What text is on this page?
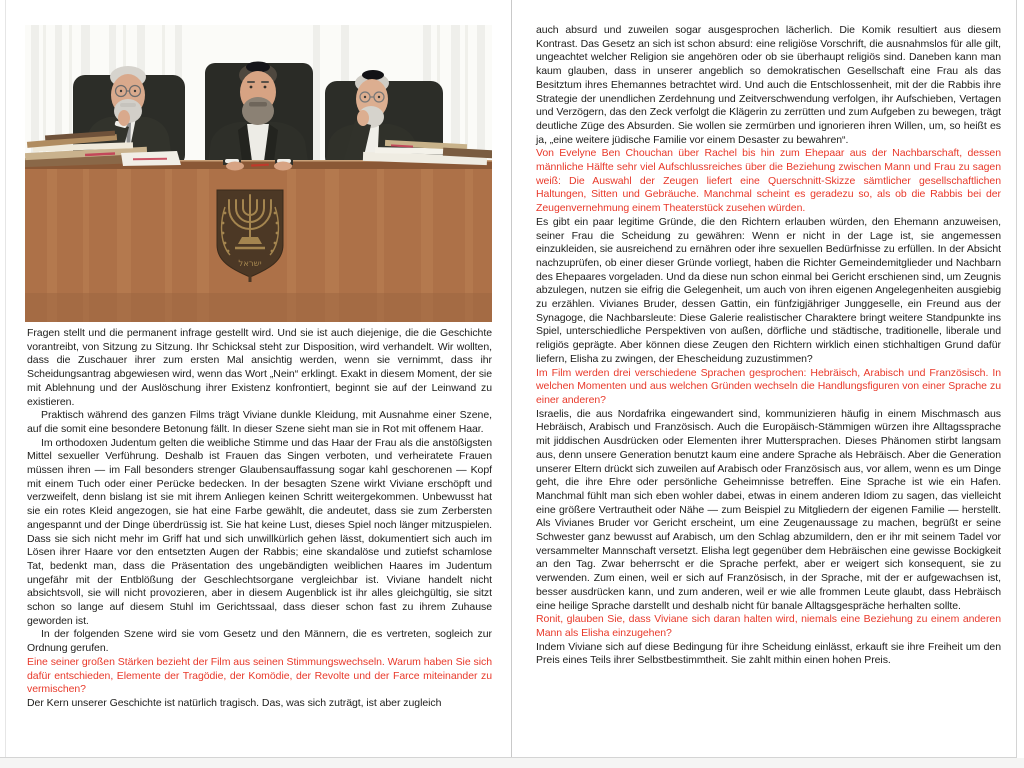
ישראל

Fragen stellt und die permanent infrage gestellt wird. Und sie ist auch diejenige, die die Geschichte vorantreibt, von Sitzung zu Sitzung. Ihr Schicksal steht zur Disposition, wird verhandelt. Wir wollten, dass die Zuschauer ihrer zum ersten Mal ansichtig werden, wenn sie vernimmt, dass ihr Scheidungsantrag abgewiesen wird, wenn das Wort „Nein“ erklingt. Exakt in diesem Moment, der sie mit Ablehnung und der Auslöschung ihrer Existenz konfrontiert, beginnt sie auf der Leinwand zu existieren.

Praktisch während des ganzen Films trägt Viviane dunkle Kleidung, mit Ausnahme einer Szene, auf die somit eine besondere Betonung fällt. In dieser Szene sieht man sie in Rot mit offenem Haar.

Im orthodoxen Judentum gelten die weibliche Stimme und das Haar der Frau als die anstößigsten Mittel sexueller Verführung. Deshalb ist Frauen das Singen verboten, und verheiratete Frauen müssen ihren — im Fall besonders strenger Glaubensauffassung sogar kahl geschorenen — Kopf mit einem Tuch oder einer Perücke bedecken. In der besagten Szene wirkt Viviane erschöpft und verzweifelt, denn bislang ist sie mit ihrem Anliegen keinen Schritt weitergekommen. Unbewusst hat sie ein rotes Kleid angezogen, sie hat eine Farbe gewählt, die andeutet, dass sie zum Zerbersten angespannt und der Dinge überdrüssig ist. Sie hat keine Lust, dieses Spiel noch länger mitzuspielen. Dass sie sich nicht mehr im Griff hat und sich unwillkürlich gehen lässt, dokumentiert sich auch im Lösen ihrer Haare vor den entsetzten Augen der Rabbis; eine skandalöse und zutiefst schamlose Tat, bedenkt man, dass die Präsentation des ungebändigten weiblichen Haares im Judentum ungefähr mit der Entblößung der Geschlechtsorgane vergleichbar ist. Viviane handelt nicht absichtsvoll, sie will nicht provozieren, aber in diesem Augenblick ist ihr alles gleichgültig, sie sitzt schon so lange auf diesem Stuhl im Gerichtssaal, dass dieser schon fast zu ihrem Zuhause geworden ist.

In der folgenden Szene wird sie vom Gesetz und den Männern, die es vertreten, sogleich zur Ordnung gerufen.

Eine seiner großen Stärken bezieht der Film aus seinen Stimmungswechseln. Warum haben Sie sich dafür entschieden, Elemente der Tragödie, der Komödie, der Revolte und der Farce miteinander zu vermischen?

Der Kern unserer Geschichte ist natürlich tragisch. Das, was sich zuträgt, ist aber zugleich

auch absurd und zuweilen sogar ausgesprochen lächerlich. Die Komik resultiert aus diesem Kontrast. Das Gesetz an sich ist schon absurd: eine religiöse Vorschrift, die ausnahmslos für alle gilt, ungeachtet welcher Religion sie angehören oder ob sie überhaupt religiös sind. Daneben kann man kaum glauben, dass in unserer angeblich so demokratischen Gesellschaft eine Frau als das Besitztum ihres Ehemannes betrachtet wird. Und auch die Entschlossenheit, mit der die Rabbis ihre Strategie der unendlichen Zerdehnung und Zeitverschwendung verfolgen, ihr Aufschieben, Vertagen und Verzögern, das den Zeck verfolgt die Klägerin zu zerrütten und zum Aufgeben zu bewegen, trägt deutliche Züge des Absurden. Sie wollen sie zermürben und ignorieren ihren Willen, um, so heißt es ja, „eine weitere jüdische Familie vor einem Desaster zu bewahren“.

Von Evelyne Ben Chouchan über Rachel bis hin zum Ehepaar aus der Nachbarschaft, dessen männliche Hälfte sehr viel Aufschlussreiches über die Beziehung zwischen Mann und Frau zu sagen weiß: Die Auswahl der Zeugen liefert eine Querschnitt-Skizze sämtlicher gesellschaftlichen Haltungen, Sitten und Gebräuche. Manchmal scheint es geradezu so, als ob die Rabbis bei der Zeugenvernehmung einem Theaterstück zusehen würden.

Es gibt ein paar legitime Gründe, die den Richtern erlauben würden, den Ehemann anzuweisen, seiner Frau die Scheidung zu gewähren: Wenn er nicht in der Lage ist, sie angemessen einzukleiden, sie ausreichend zu ernähren oder ihre sexuellen Bedürfnisse zu erfüllen. In der Absicht nachzuprüfen, ob einer dieser Gründe vorliegt, haben die Richter Gemeindemitglieder und Nachbarn des Ehepaares vorgeladen. Und da diese nun schon einmal bei Gericht erschienen sind, um Zeugnis abzulegen, nutzen sie eifrig die Gelegenheit, um auch von ihren eigenen Angelegenheiten ausgiebig zu erzählen. Vivianes Bruder, dessen Gattin, ein fünfzigjähriger Junggeselle, ein Freund aus der Synagoge, die Nachbarsleute: Diese Galerie realistischer Charaktere bringt weitere Standpunkte ins Spiel, unterschiedliche Perspektiven von außen, dörfliche und städtische, traditionelle, liberale und religiös geprägte. Aber können diese Zeugen den Richtern wirklich einen stichhaltigen Grund dafür liefern, Elisha zu zwingen, der Ehescheidung zuzustimmen?

Im Film werden drei verschiedene Sprachen gesprochen: Hebräisch, Arabisch und Französisch. In welchen Momenten und aus welchen Gründen wechseln die Handlungsfiguren von einer Sprache zu einer anderen?

Israelis, die aus Nordafrika eingewandert sind, kommunizieren häufig in einem Mischmasch aus Hebräisch, Arabisch und Französisch. Auch die Europäisch-Stämmigen würzen ihre Alltagssprache mit jiddischen Ausdrücken oder Elementen ihrer Muttersprachen. Dieses Phänomen stirbt langsam aus, denn unsere Generation benutzt kaum eine andere Sprache als Hebräisch. Aber die Generation unserer Eltern drückt sich zuweilen auf Arabisch oder Französisch aus, vor allem, wenn es um Dinge geht, die ihre Ehre oder persönliche Geheimnisse betreffen. Eine Sprache ist wie ein Hafen. Manchmal fühlt man sich eben wohler dabei, etwas in einem anderen Idiom zu sagen, das vielleicht eine größere Vertrautheit oder Nähe — zum Beispiel zu Mitgliedern der eigenen Familie — herstellt. Als Vivianes Bruder vor Gericht erscheint, um eine Zeugenaussage zu machen, begrüßt er seine Schwester ganz bewusst auf Arabisch, um den Schlag abzumildern, den er ihr mit seinem Tadel vor versammelter Mannschaft versetzt. Elisha legt gegenüber dem Hebräischen eine gewisse Bockigkeit an den Tag. Zwar beherrscht er die Sprache perfekt, aber er weigert sich konsequent, sie zu verwenden. Zum einen, weil er sich auf Französisch, in der Sprache, mit der er aufgewachsen ist, besser ausdrücken kann, und zum anderen, weil er wie alle frommen Leute glaubt, dass Hebräisch eine heilige Sprache darstellt und deshalb nicht für banale Alltagsgespräche herhalten sollte.

Ronit, glauben Sie, dass Viviane sich daran halten wird, niemals eine Beziehung zu einem anderen Mann als Elisha einzugehen?

Indem Viviane sich auf diese Bedingung für ihre Scheidung einlässt, erkauft sie ihre Freiheit um den Preis eines Teils ihrer Selbstbestimmtheit. Sie zahlt mithin einen hohen Preis.
